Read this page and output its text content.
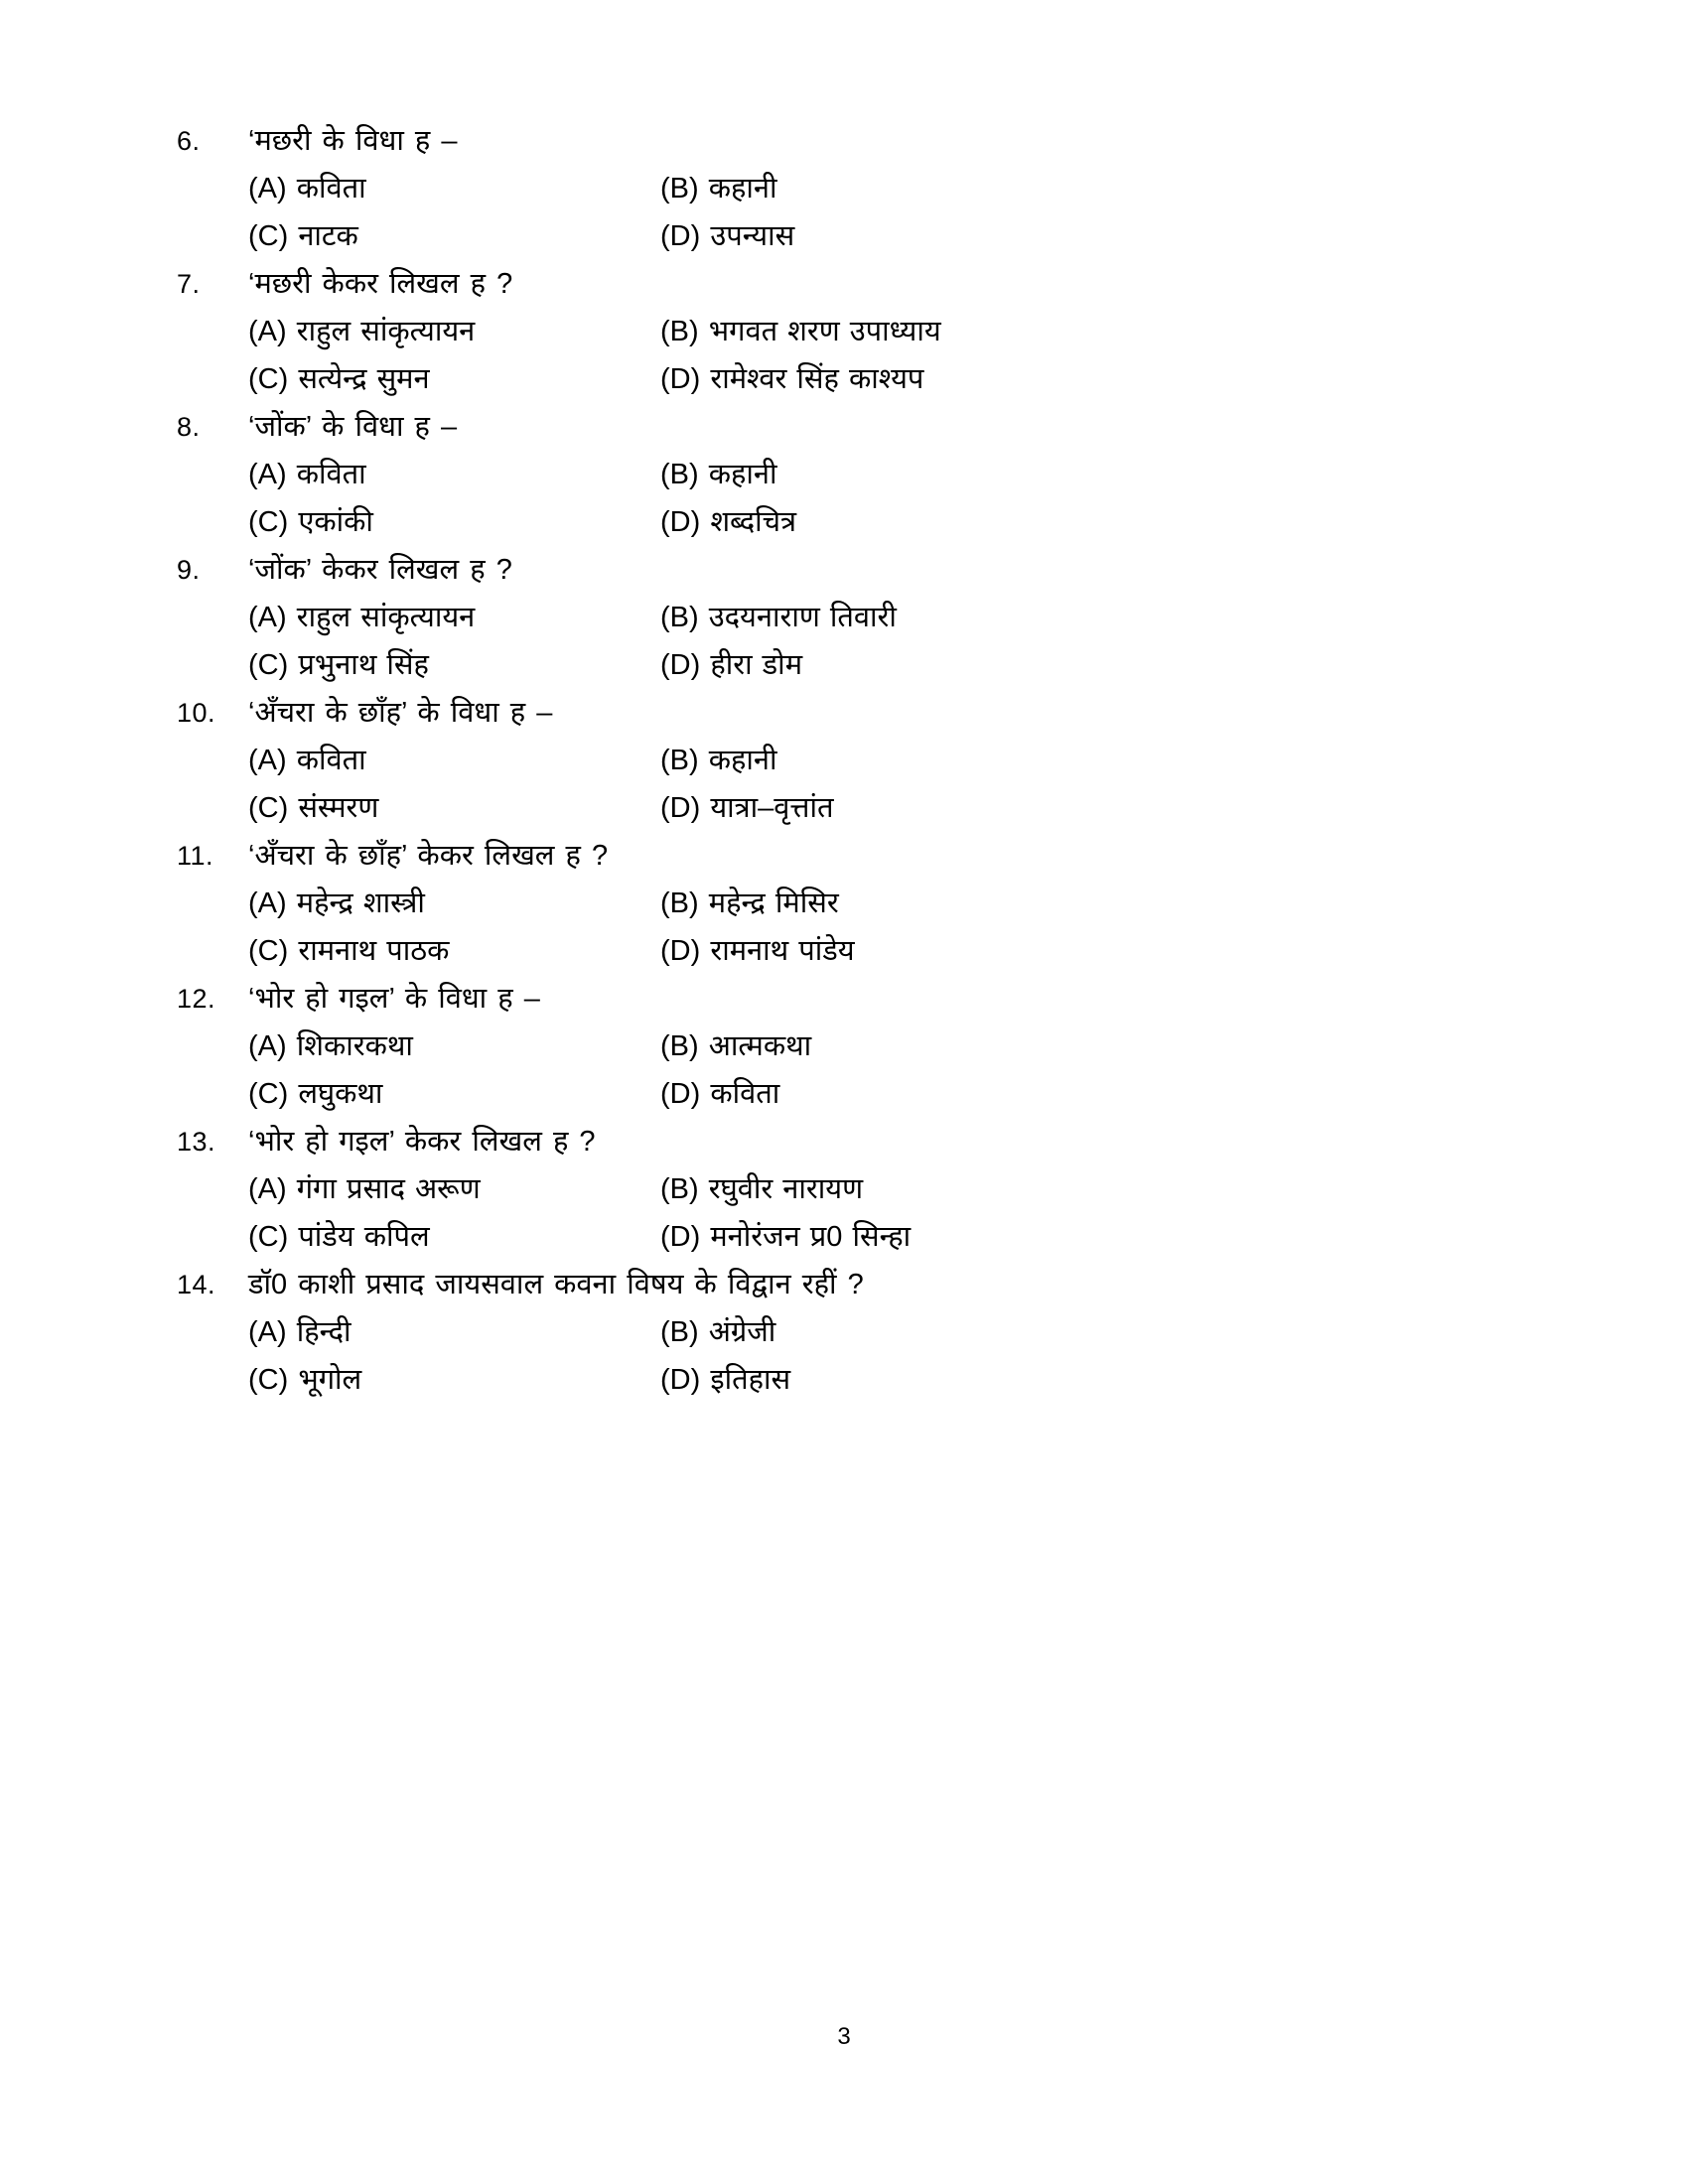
6.	‘मछरी के विधा ह –
(A) कविता	(B) कहानी
(C) नाटक	(D) उपन्यास
7.	‘मछरी केकर लिखल ह ?
(A) राहुल सांकृत्यायन	(B) भगवत शरण उपाध्याय
(C) सत्येन्द्र सुमन	(D) रामेश्वर सिंह काश्यप
8.	‘जोंक’ के विधा ह –
(A) कविता	(B) कहानी
(C) एकांकी	(D) शब्दचित्र
9.	‘जोंक’ केकर लिखल ह ?
(A) राहुल सांकृत्यायन	(B) उदयनाराण तिवारी
(C) प्रभुनाथ सिंह	(D) हीरा डोम
10.	‘अँचरा के छाँह’ के विधा ह –
(A) कविता	(B) कहानी
(C) संस्मरण	(D) यात्रा–वृत्तांत
11.	‘अँचरा के छाँह’ केकर लिखल ह ?
(A) महेन्द्र शास्त्री	(B) महेन्द्र मिसिर
(C) रामनाथ पाठक	(D) रामनाथ पांडेय
12.	‘भोर हो गइल’ के विधा ह –
(A) शिकारकथा	(B) आत्मकथा
(C) लघुकथा	(D) कविता
13.	‘भोर हो गइल’ केकर लिखल ह ?
(A) गंगा प्रसाद अरूण	(B) रघुवीर नारायण
(C) पांडेय कपिल	(D) मनोरंजन प्र0 सिन्हा
14.	डॉ0 काशी प्रसाद जायसवाल कवना विषय के विद्वान रहीं ?
(A) हिन्दी	(B) अंग्रेजी
(C) भूगोल	(D) इतिहास
3
